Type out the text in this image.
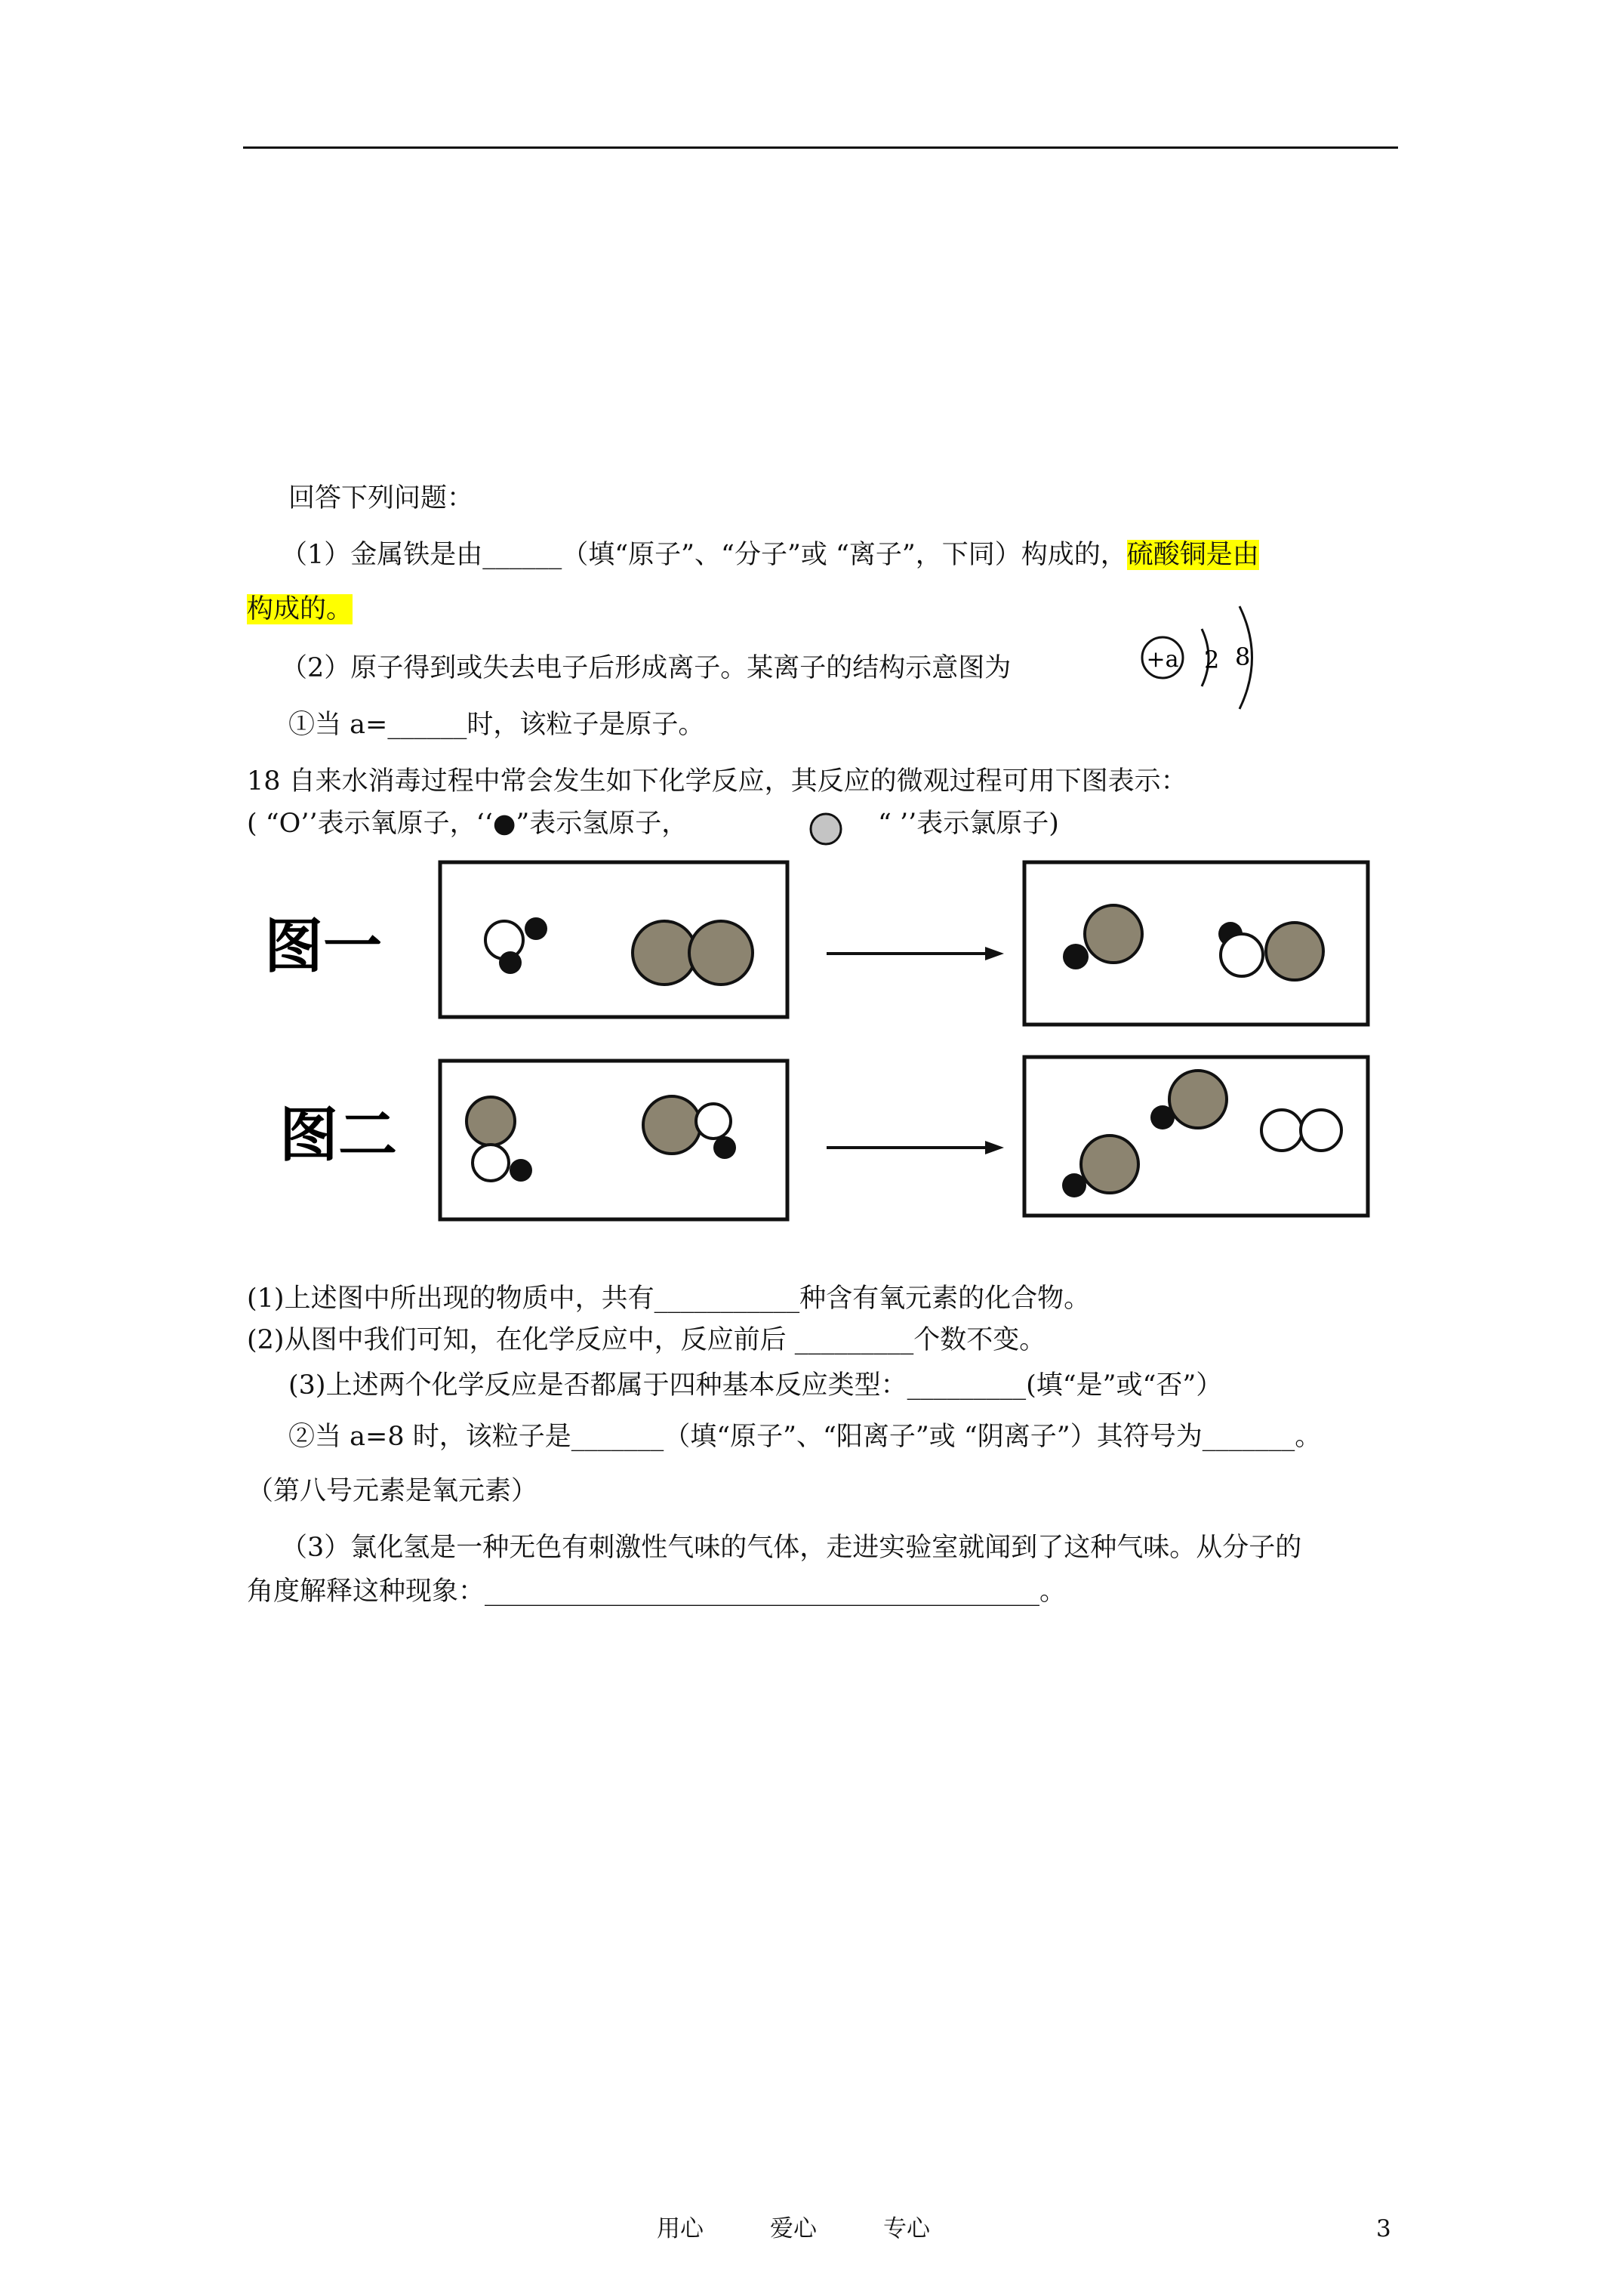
回答下列问题：
（1）金属铁是由______（填“原子”、“分子”或 “离子”，下同）构成的，硫酸铜是由
构成的。
（2）原子得到或失去电子后形成离子。某离子的结构示意图为	+a 2 8
①当 a=______时，该粒子是原子。
18 自来水消毒过程中常会发生如下化学反应，其反应的微观过程可用下图表示：
( “O’’表示氧原子，‘‘●”表示氢原子，	“ ’’表示氯原子)
图一
图二
(1)上述图中所出现的物质中，共有___________种含有氧元素的化合物。
(2)从图中我们可知，在化学反应中，反应前后 _________个数不变。
(3)上述两个化学反应是否都属于四种基本反应类型：_________(填“是”或“否”）
②当 a=8 时，该粒子是_______（填“原子”、“阳离子”或 “阴离子”）其符号为_______。
（第八号元素是氧元素）
（3）氯化氢是一种无色有刺激性气味的气体，走进实验室就闻到了这种气味。从分子的
角度解释这种现象：__________________________________________。
用心	爱心	专心	3
